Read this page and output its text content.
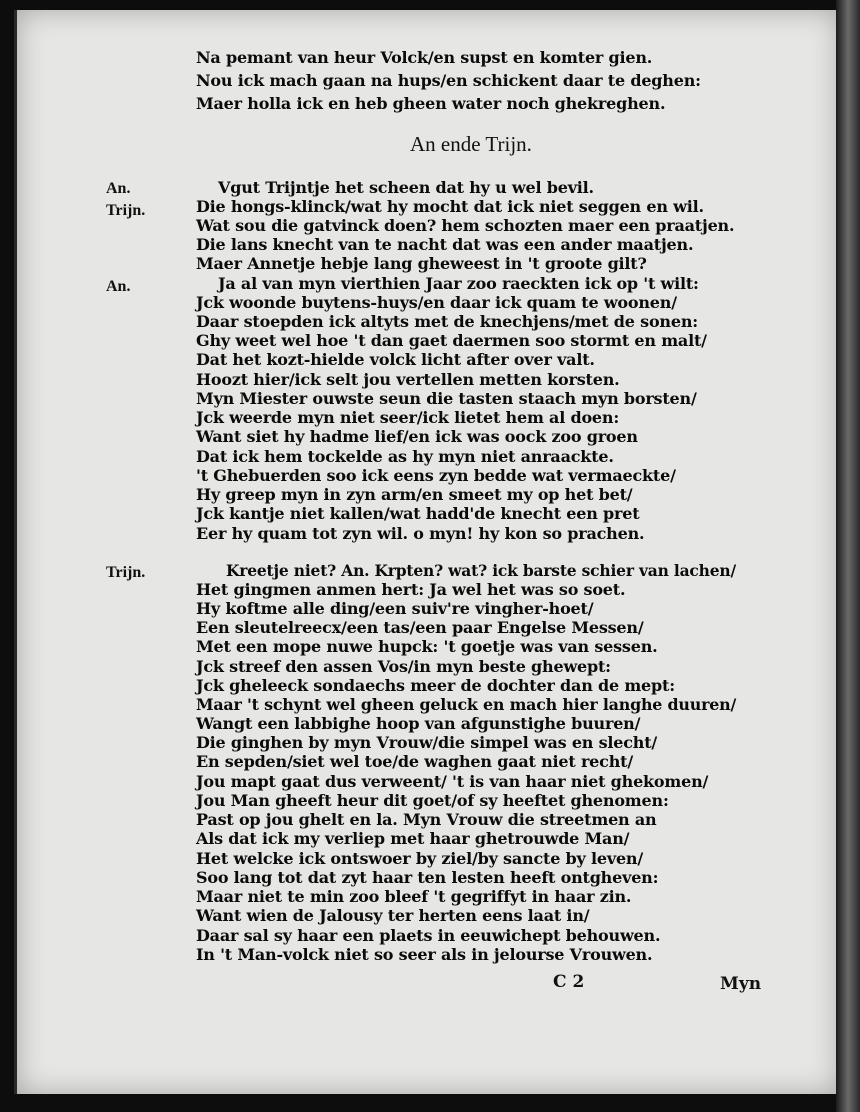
Na pemant van heur Volck/en supst en komter gien.
Nou ick mach gaan na hups/en schickent daar te deghen:
Maer holla ick en heb gheen water noch ghekreghen.
An ende Trijn.
An.
Trijn.
An.
Trijn.
Vgut Trijntje het scheen dat hy u wel bevil.
Die hongs-klinck/wat hy mocht dat ick niet seggen en wil.
Wat sou die gatvinck doen? hem schozten maer een praatjen.
Die lans knecht van te nacht dat was een ander maatjen.
Maer Annetje hebje lang gheweest in 't groote gilt?
Ja al van myn vierthien Jaar zoo raeckten ick op 't wilt:
Jck woonde buytens-huys/en daar ick quam te woonen/
Daar stoepden ick altyts met de knechjens/met de sonen:
Ghy weet wel hoe 't dan gaet daermen soo stormt en malt/
Dat het kozt-hielde volck licht after over valt.
Hoozt hier/ick selt jou vertellen metten korsten.
Myn Miester ouwste seun die tasten staach myn borsten/
Jck weerde myn niet seer/ick lietet hem al doen:
Want siet hy hadme lief/en ick was oock zoo groen
Dat ick hem tockelde as hy myn niet anraackte.
't Ghebuerden soo ick eens zyn bedde wat vermaeckte/
Hy greep myn in zyn arm/en smeet my op het bet/
Jck kantje niet kallen/wat hadd'de knecht een pret
Eer hy quam tot zyn wil. o myn! hy kon so prachen.
Kreetje niet? An. Krpten? wat? ick barste schier van lachen/
Het gingmen anmen hert: Ja wel het was so soet.
Hy koftme alle ding/een suiv're vingher-hoet/
Een sleutelreecx/een tas/een paar Engelse Messen/
Met een mope nuwe hupck: 't goetje was van sessen.
Jck streef den assen Vos/in myn beste ghewept:
Jck gheleeck sondaechs meer de dochter dan de mept:
Maar 't schynt wel gheen geluck en mach hier langhe duuren/
Wangt een labbighe hoop van afgunstighe buuren/
Die ginghen by myn Vrouw/die simpel was en slecht/
En sepden/siet wel toe/de waghen gaat niet recht/
Jou mapt gaat dus verweent/ 't is van haar niet ghekomen/
Jou Man gheeft heur dit goet/of sy heeftet ghenomen:
Past op jou ghelt en la. Myn Vrouw die streetmen an
Als dat ick my verliep met haar ghetrouwde Man/
Het welcke ick ontswoer by ziel/by sancte by leven/
Soo lang tot dat zyt haar ten lesten heeft ontgheven:
Maar niet te min zoo bleef 't gegriffyt in haar zin.
Want wien de Jalousy ter herten eens laat in/
Daar sal sy haar een plaets in eeuwichept behouwen.
In 't Man-volck niet so seer als in jelourse Vrouwen.
C 2	Myn
